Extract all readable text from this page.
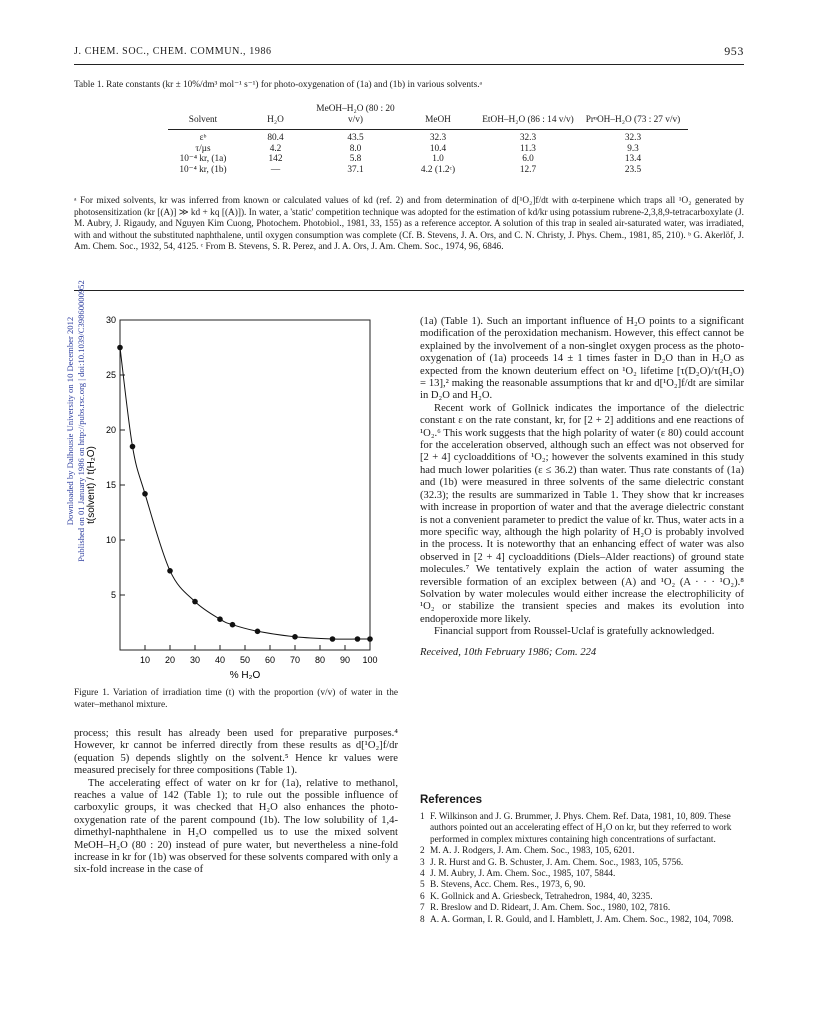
J. CHEM. SOC., CHEM. COMMUN., 1986	953
Table 1. Rate constants (kr ± 10%/dm³ mol⁻¹ s⁻¹) for photo-oxygenation of (1a) and (1b) in various solvents.ᵃ
Solvent	H₂O	MeOH–H₂O (80 : 20 v/v)	MeOH	EtOH–H₂O (86 : 14 v/v)	PrⁿOH–H₂O (73 : 27 v/v)

εᵇ	80.4	43.5	32.3	32.3	32.3
τ/µs	4.2	8.0	10.4	11.3	9.3
10⁻⁴ kr, (1a)	142	5.8	1.0	6.0	13.4
10⁻⁴ kr, (1b)	—	37.1	4.2 (1.2ᶜ)	12.7	23.5
ᵃ For mixed solvents, kr was inferred from known or calculated values of kd (ref. 2) and from determination of d[¹O₂]f/dt with α-terpinene which traps all ¹O₂ generated by photosensitization (kr [(A)] ≫ kd + kq [(A)]). In water, a 'static' competition technique was adopted for the estimation of kd/kr using potassium rubrene-2,3,8,9-tetracarboxylate (J. M. Aubry, J. Rigaudy, and Nguyen Kim Cuong, Photochem. Photobiol., 1981, 33, 155) as a reference acceptor. A solution of this trap in sealed air-saturated water, was irradiated, with and without the substituted naphthalene, until oxygen consumption was complete (Cf. B. Stevens, J. A. Ors, and C. N. Christy, J. Phys. Chem., 1981, 85, 210). ᵇ G. Akerlöf, J. Am. Chem. Soc., 1932, 54, 4125. ᶜ From B. Stevens, S. R. Perez, and J. A. Ors, J. Am. Chem. Soc., 1974, 96, 6846.
Downloaded by Dalhousie University on 10 December 2012 Published on 01 January 1986 on http://pubs.rsc.org | doi:10.1039/C39860000952
10 20 30 40 50 60 70 80 90 100
5
10
15
20
25
30
% H₂O
t(solvent) / t(H₂O)
Figure 1. Variation of irradiation time (t) with the proportion (v/v) of water in the water–methanol mixture.

process; this result has already been used for preparative purposes.⁴ However, kr cannot be inferred directly from these results as d[¹O₂]f/dr (equation 5) depends slightly on the solvent.⁵ Hence kr values were measured precisely for three compositions (Table 1).

The accelerating effect of water on kr for (1a), relative to methanol, reaches a value of 142 (Table 1); to rule out the possible influence of carboxylic groups, it was checked that H₂O also enhances the photo-oxygenation rate of the parent compound (1b). The low solubility of 1,4-dimethyl-naphthalene in H₂O compelled us to use the mixed solvent MeOH–H₂O (80 : 20) instead of pure water, but nevertheless a nine-fold increase in kr for (1b) was observed for these solvents compared with only a six-fold increase in the case of

(1a) (Table 1). Such an important influence of H₂O points to a significant modification of the peroxidation mechanism. However, this effect cannot be explained by the involvement of a non-singlet oxygen process as the photo-oxygenation of (1a) proceeds 14 ± 1 times faster in D₂O than in H₂O as expected from the known deuterium effect on ¹O₂ lifetime [τ(D₂O)/τ(H₂O) = 13],² making the reasonable assumptions that kr and d[¹O₂]f/dt are similar in D₂O and H₂O.

Recent work of Gollnick indicates the importance of the dielectric constant ε on the rate constant, kr, for [2 + 2] additions and ene reactions of ¹O₂.⁶ This work suggests that the high polarity of water (ε 80) could account for the acceleration observed, although such an effect was not observed for [2 + 4] cycloadditions of ¹O₂; however the solvents examined in this study had much lower polarities (ε ≤ 36.2) than water. Thus rate constants of (1a) and (1b) were measured in three solvents of the same dielectric constant (32.3); the results are summarized in Table 1. They show that kr increases with increase in proportion of water and that the average dielectric constant is not a convenient parameter to predict the value of kr. Thus, water acts in a more specific way, although the high polarity of H₂O is probably involved in the process. It is noteworthy that an enhancing effect of water was also observed in [2 + 4] cycloadditions (Diels–Alder reactions) of ground state molecules.⁷ We tentatively explain the action of water assuming the reversible formation of an exciplex between (A) and ¹O₂ (A · · · ¹O₂).⁸ Solvation by water molecules would either increase the electrophilicity of ¹O₂ or stabilize the transient species and makes its evolution into endoperoxide more likely.

Financial support from Roussel-Uclaf is gratefully acknowledged.

Received, 10th February 1986; Com. 224

References
1 F. Wilkinson and J. G. Brummer, J. Phys. Chem. Ref. Data, 1981, 10, 809. These authors pointed out an accelerating effect of H₂O on kr, but they referred to work performed in complex mixtures containing high concentrations of surfactant.
2 M. A. J. Rodgers, J. Am. Chem. Soc., 1983, 105, 6201.
3 J. R. Hurst and G. B. Schuster, J. Am. Chem. Soc., 1983, 105, 5756.
4 J. M. Aubry, J. Am. Chem. Soc., 1985, 107, 5844.
5 B. Stevens, Acc. Chem. Res., 1973, 6, 90.
6 K. Gollnick and A. Griesbeck, Tetrahedron, 1984, 40, 3235.
7 R. Breslow and D. Rideart, J. Am. Chem. Soc., 1980, 102, 7816.
8 A. A. Gorman, I. R. Gould, and I. Hamblett, J. Am. Chem. Soc., 1982, 104, 7098.
